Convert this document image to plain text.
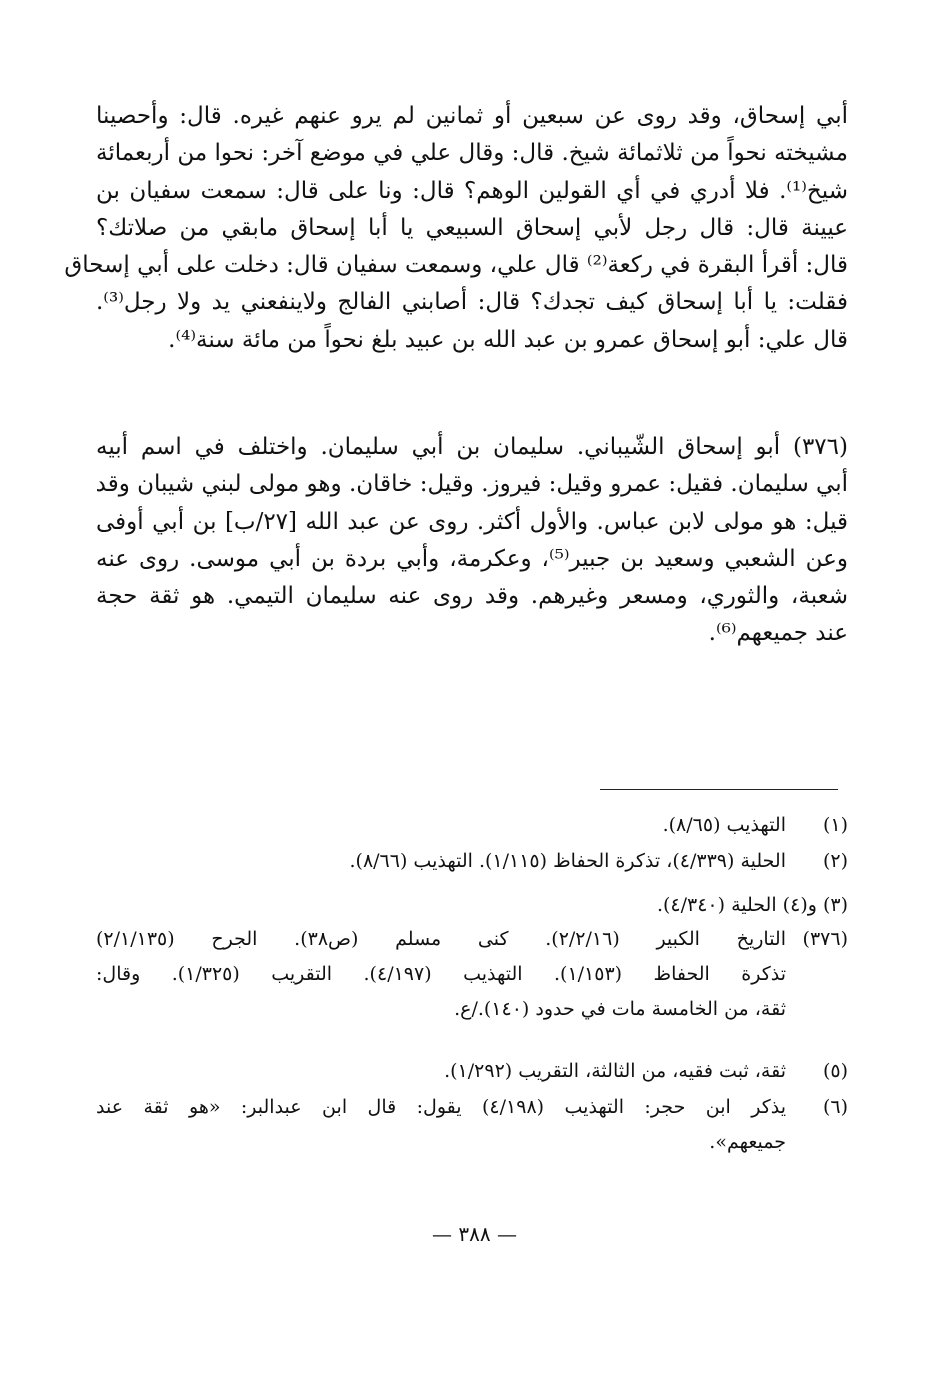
أبي إسحاق، وقد روى عن سبعين أو ثمانين لم يرو عنهم غيره. قال: وأحصينا
مشيخته نحواً من ثلاثمائة شيخ. قال: وقال علي في موضع آخر: نحوا من أربعمائة
شيخ⁽¹⁾. فلا أدري في أي القولين الوهم؟ قال: ونا على قال: سمعت سفيان بن
عيينة قال: قال رجل لأبي إسحاق السبيعي يا أبا إسحاق مابقي من صلاتك؟
قال: أقرأ البقرة في ركعة⁽²⁾ قال علي، وسمعت سفيان قال: دخلت على أبي إسحاق
فقلت: يا أبا إسحاق كيف تجدك؟ قال: أصابني الفالج ولاينفعني يد ولا رجل⁽³⁾.
قال علي: أبو إسحاق عمرو بن عبد الله بن عبيد بلغ نحواً من مائة سنة⁽⁴⁾.
(٣٧٦) أبو إسحاق الشّيباني. سليمان بن أبي سليمان. واختلف في اسم أبيه
أبي سليمان. فقيل: عمرو وقيل: فيروز. وقيل: خاقان. وهو مولى لبني شيبان وقد
قيل: هو مولى لابن عباس. والأول أكثر. روى عن عبد الله [٢٧/ب] بن أبي أوفى
وعن الشعبي وسعيد بن جبير⁽⁵⁾، وعكرمة، وأبي بردة بن أبي موسى. روى عنه
شعبة، والثوري، ومسعر وغيرهم. وقد روى عنه سليمان التيمي. هو ثقة حجة
عند جميعهم⁽⁶⁾.
(١)
التهذيب (٨/٦٥).
(٢)
الحلية (٤/٣٣٩)، تذكرة الحفاظ (١/١١٥). التهذيب (٨/٦٦).
(٣) و(٤) الحلية (٤/٣٤٠).
(٣٧٦)
التاريخ الكبير (٢/٢/١٦). كنى مسلم (ص٣٨). الجرح (٢/١/١٣٥)
تذكرة الحفاظ (١/١٥٣). التهذيب (٤/١٩٧). التقريب (١/٣٢٥). وقال:
ثقة، من الخامسة مات في حدود (١٤٠)./ع.
(٥)
ثقة، ثبت فقيه، من الثالثة، التقريب (١/٢٩٢).
(٦)
يذكر ابن حجر: التهذيب (٤/١٩٨) يقول: قال ابن عبدالبر: «هو ثقة عند
جميعهم».
— ٣٨٨ —
